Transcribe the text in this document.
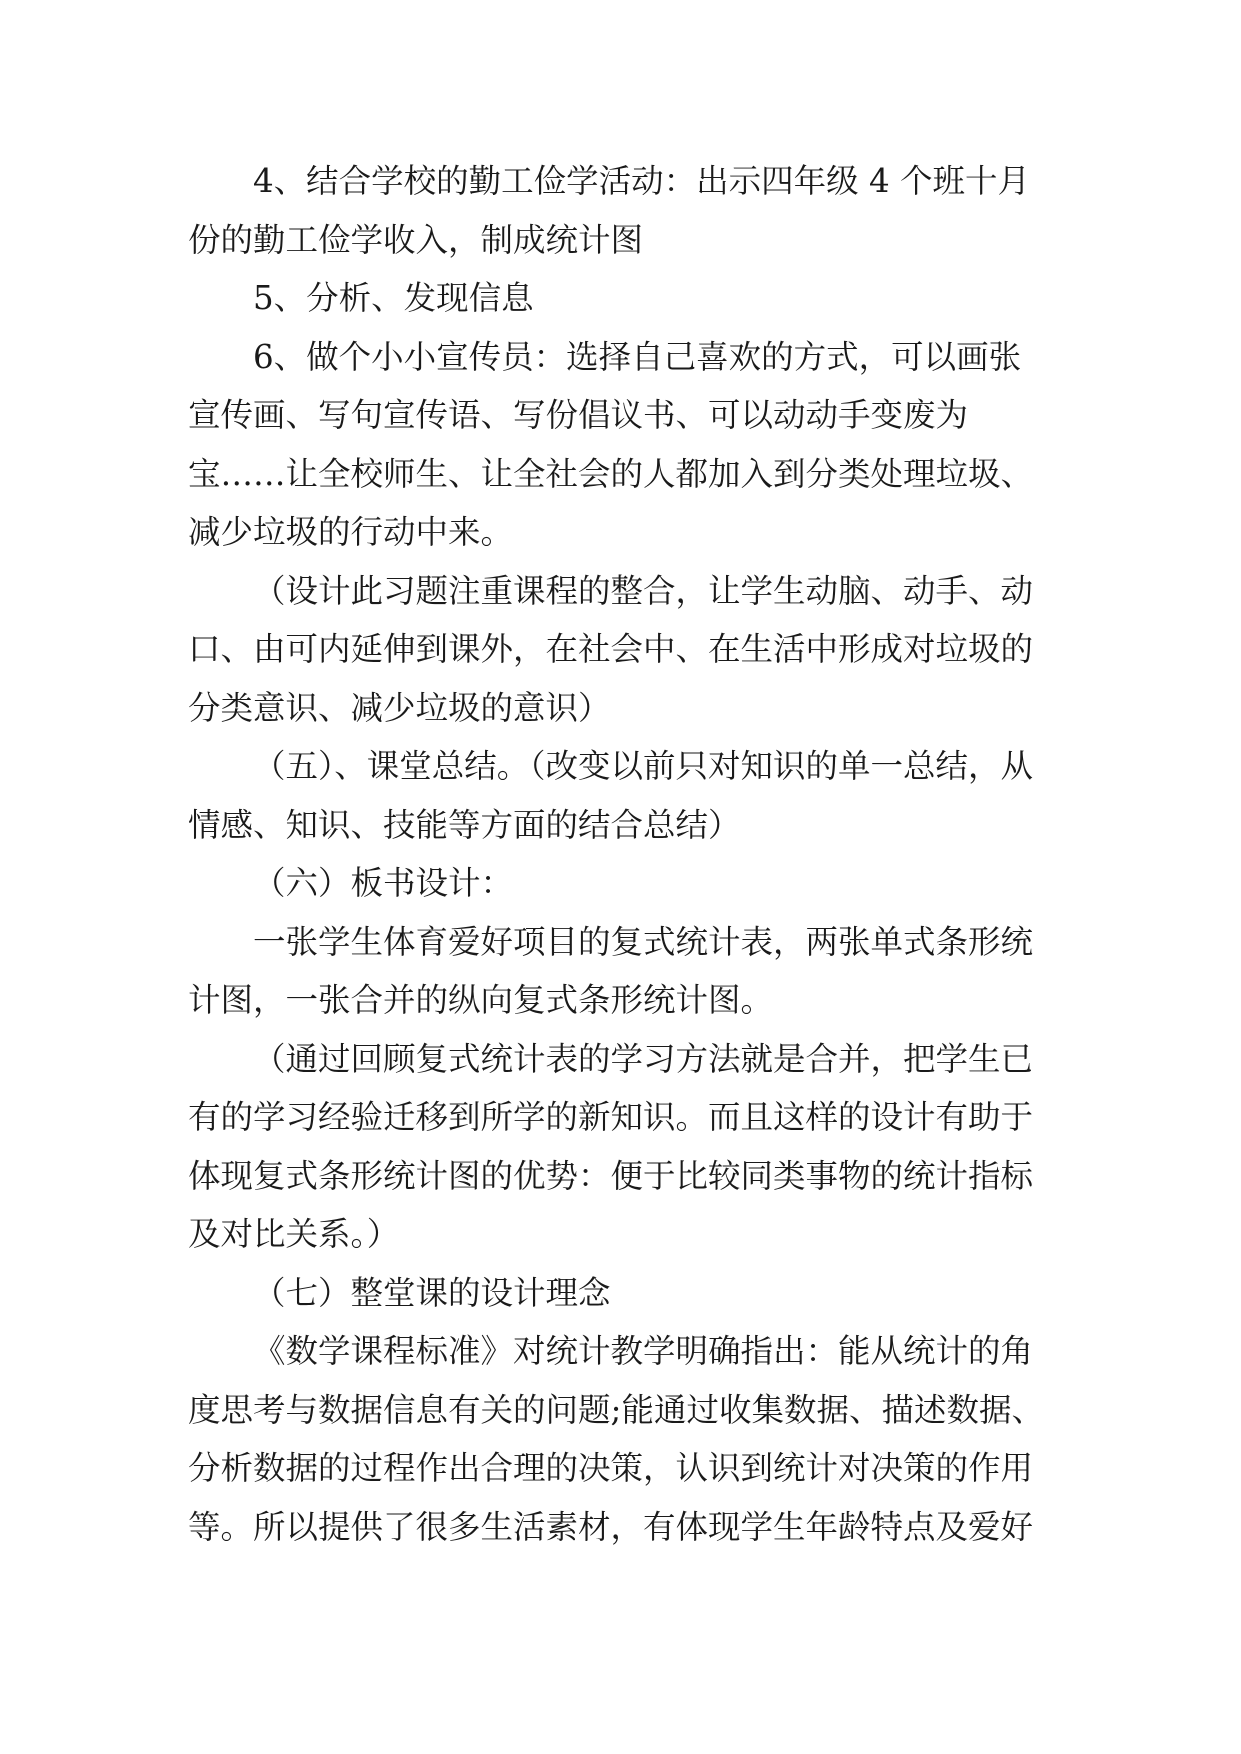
4、结合学校的勤工俭学活动：出示四年级 4 个班十月
份的勤工俭学收入，制成统计图
5、分析、发现信息
6、做个小小宣传员：选择自己喜欢的方式，可以画张
宣传画、写句宣传语、写份倡议书、可以动动手变废为
宝……让全校师生、让全社会的人都加入到分类处理垃圾、
减少垃圾的行动中来。
（设计此习题注重课程的整合，让学生动脑、动手、动
口、由可内延伸到课外，在社会中、在生活中形成对垃圾的
分类意识、减少垃圾的意识）
（五）、课堂总结。（改变以前只对知识的单一总结，从
情感、知识、技能等方面的结合总结）
（六）板书设计：
一张学生体育爱好项目的复式统计表，两张单式条形统
计图，一张合并的纵向复式条形统计图。
（通过回顾复式统计表的学习方法就是合并，把学生已
有的学习经验迁移到所学的新知识。而且这样的设计有助于
体现复式条形统计图的优势：便于比较同类事物的统计指标
及对比关系。）
（七）整堂课的设计理念
《数学课程标准》对统计教学明确指出：能从统计的角
度思考与数据信息有关的问题;能通过收集数据、描述数据、
分析数据的过程作出合理的决策，认识到统计对决策的作用
等。所以提供了很多生活素材，有体现学生年龄特点及爱好
